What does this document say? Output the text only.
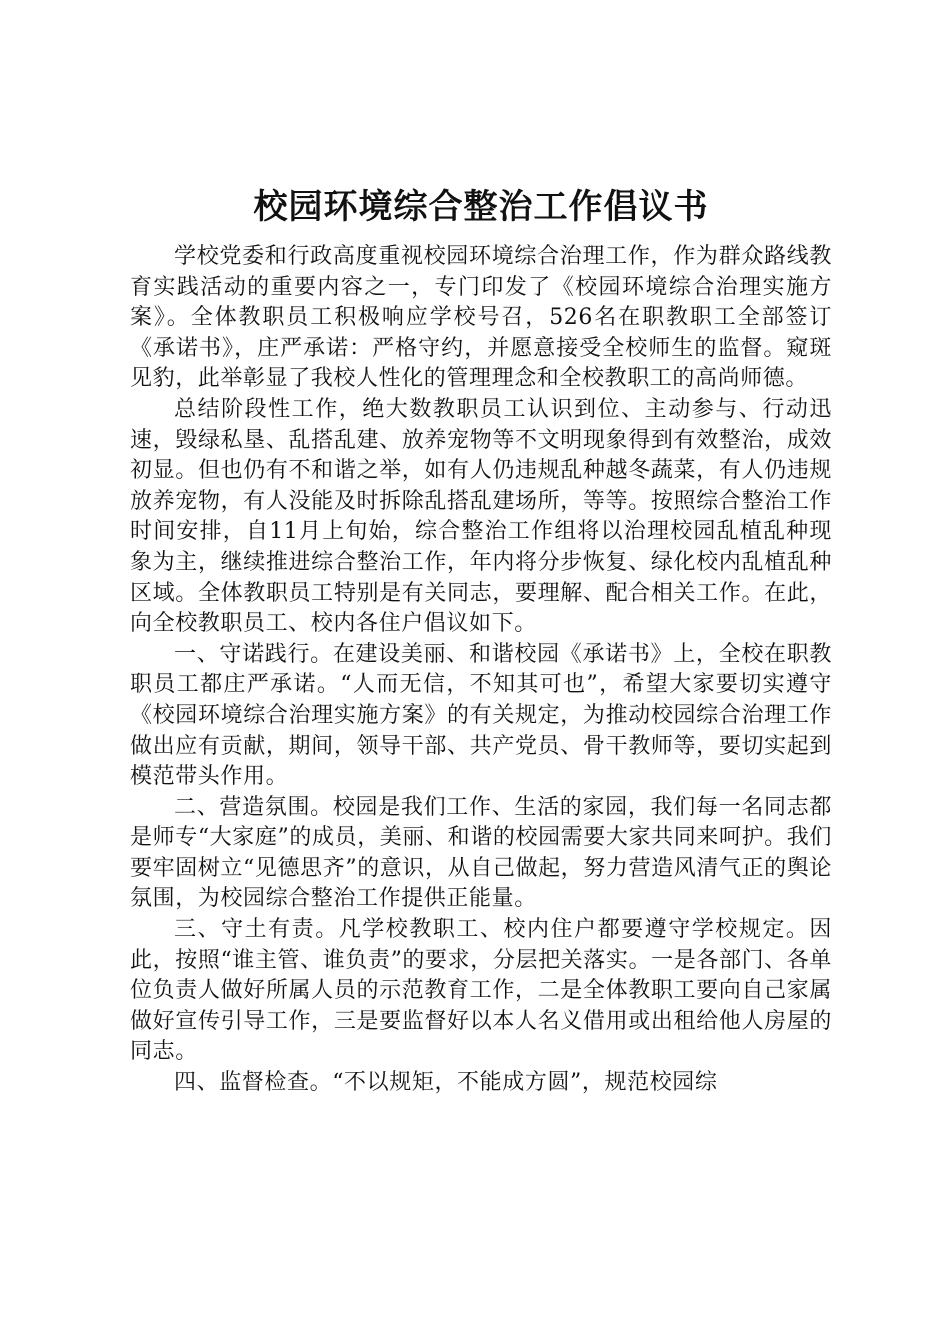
校园环境综合整治工作倡议书

学校党委和行政高度重视校园环境综合治理工作，作为群众路线教育实践活动的重要内容之一，专门印发了《校园环境综合治理实施方案》。全体教职员工积极响应学校号召，526名在职教职工全部签订《承诺书》，庄严承诺：严格守约，并愿意接受全校师生的监督。窥斑见豹，此举彰显了我校人性化的管理理念和全校教职工的高尚师德。

总结阶段性工作，绝大数教职员工认识到位、主动参与、行动迅速，毁绿私垦、乱搭乱建、放养宠物等不文明现象得到有效整治，成效初显。但也仍有不和谐之举，如有人仍违规乱种越冬蔬菜，有人仍违规放养宠物，有人没能及时拆除乱搭乱建场所，等等。按照综合整治工作时间安排，自11月上旬始，综合整治工作组将以治理校园乱植乱种现象为主，继续推进综合整治工作，年内将分步恢复、绿化校内乱植乱种区域。全体教职员工特别是有关同志，要理解、配合相关工作。在此，向全校教职员工、校内各住户倡议如下。

一、守诺践行。在建设美丽、和谐校园《承诺书》上，全校在职教职员工都庄严承诺。“人而无信，不知其可也”，希望大家要切实遵守《校园环境综合治理实施方案》的有关规定，为推动校园综合治理工作做出应有贡献，期间，领导干部、共产党员、骨干教师等，要切实起到模范带头作用。

二、营造氛围。校园是我们工作、生活的家园，我们每一名同志都是师专“大家庭”的成员，美丽、和谐的校园需要大家共同来呵护。我们要牢固树立“见德思齐”的意识，从自己做起，努力营造风清气正的舆论氛围，为校园综合整治工作提供正能量。

三、守土有责。凡学校教职工、校内住户都要遵守学校规定。因此，按照“谁主管、谁负责”的要求，分层把关落实。一是各部门、各单位负责人做好所属人员的示范教育工作，二是全体教职工要向自己家属做好宣传引导工作，三是要监督好以本人名义借用或出租给他人房屋的同志。

四、监督检查。“不以规矩，不能成方圆”，规范校园综
